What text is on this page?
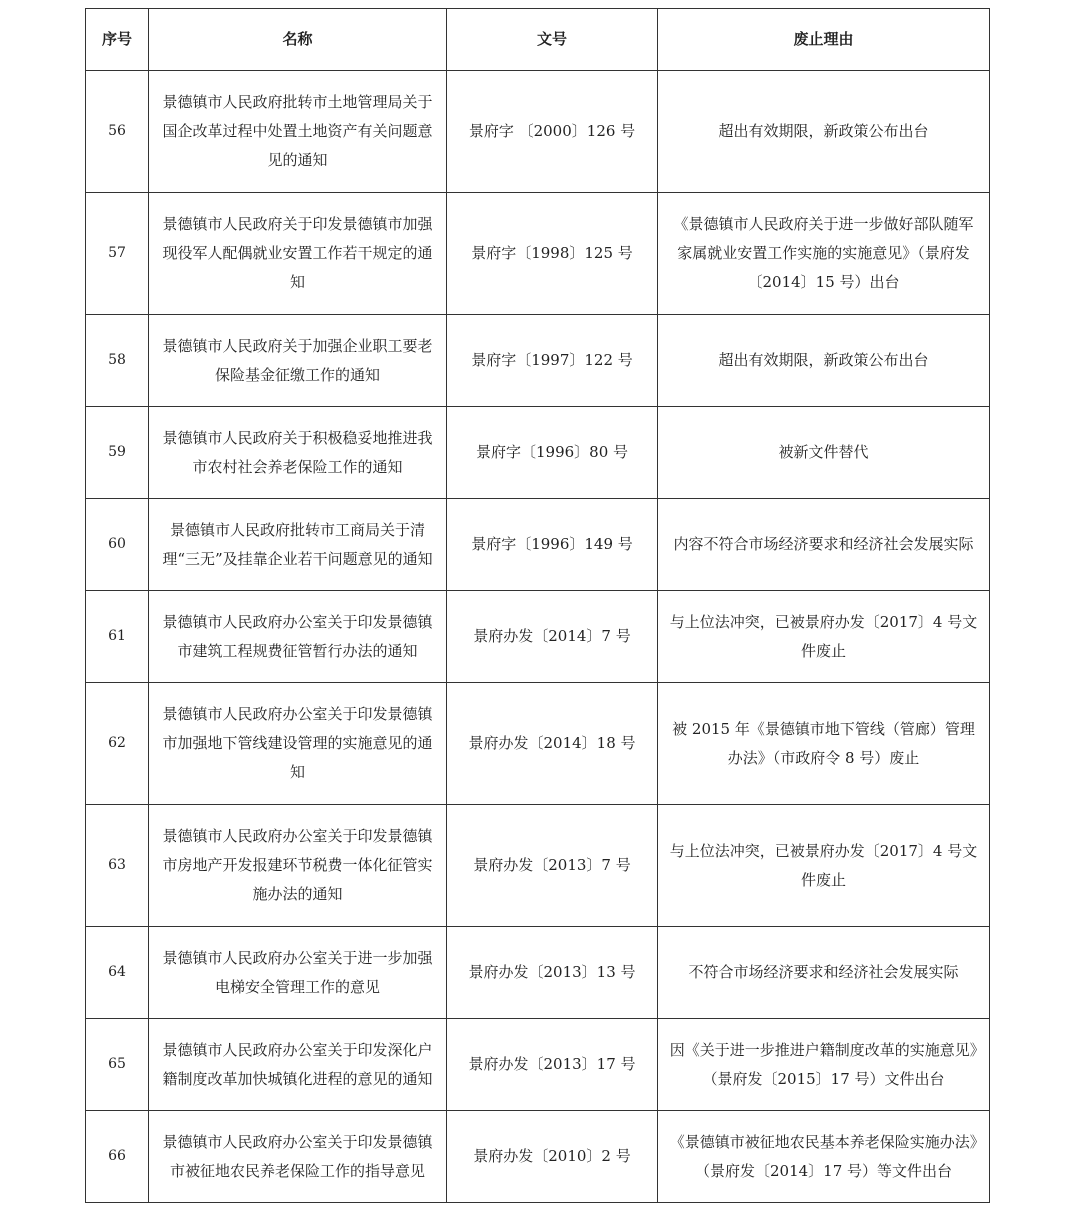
序号	名称	文号	废止理由
56	景德镇市人民政府批转市土地管理局关于国企改革过程中处置土地资产有关问题意见的通知	景府字 〔2000〕126 号	超出有效期限，新政策公布出台
57	景德镇市人民政府关于印发景德镇市加强现役军人配偶就业安置工作若干规定的通知	景府字〔1998〕125 号	《景德镇市人民政府关于进一步做好部队随军家属就业安置工作实施的实施意见》（景府发〔2014〕15 号）出台
58	景德镇市人民政府关于加强企业职工要老保险基金征缴工作的通知	景府字〔1997〕122 号	超出有效期限，新政策公布出台
59	景德镇市人民政府关于积极稳妥地推进我市农村社会养老保险工作的通知	景府字〔1996〕80 号	被新文件替代
60	景德镇市人民政府批转市工商局关于清理“三无”及挂靠企业若干问题意见的通知	景府字〔1996〕149 号	内容不符合市场经济要求和经济社会发展实际
61	景德镇市人民政府办公室关于印发景德镇市建筑工程规费征管暂行办法的通知	景府办发〔2014〕7 号	与上位法冲突，已被景府办发〔2017〕4 号文件废止
62	景德镇市人民政府办公室关于印发景德镇市加强地下管线建设管理的实施意见的通知	景府办发〔2014〕18 号	被 2015 年《景德镇市地下管线（管廊）管理办法》（市政府令 8 号）废止
63	景德镇市人民政府办公室关于印发景德镇市房地产开发报建环节税费一体化征管实施办法的通知	景府办发〔2013〕7 号	与上位法冲突，已被景府办发〔2017〕4 号文件废止
64	景德镇市人民政府办公室关于进一步加强电梯安全管理工作的意见	景府办发〔2013〕13 号	不符合市场经济要求和经济社会发展实际
65	景德镇市人民政府办公室关于印发深化户籍制度改革加快城镇化进程的意见的通知	景府办发〔2013〕17 号	因《关于进一步推进户籍制度改革的实施意见》（景府发〔2015〕17 号）文件出台
66	景德镇市人民政府办公室关于印发景德镇市被征地农民养老保险工作的指导意见	景府办发〔2010〕2 号	《景德镇市被征地农民基本养老保险实施办法》（景府发〔2014〕17 号）等文件出台
